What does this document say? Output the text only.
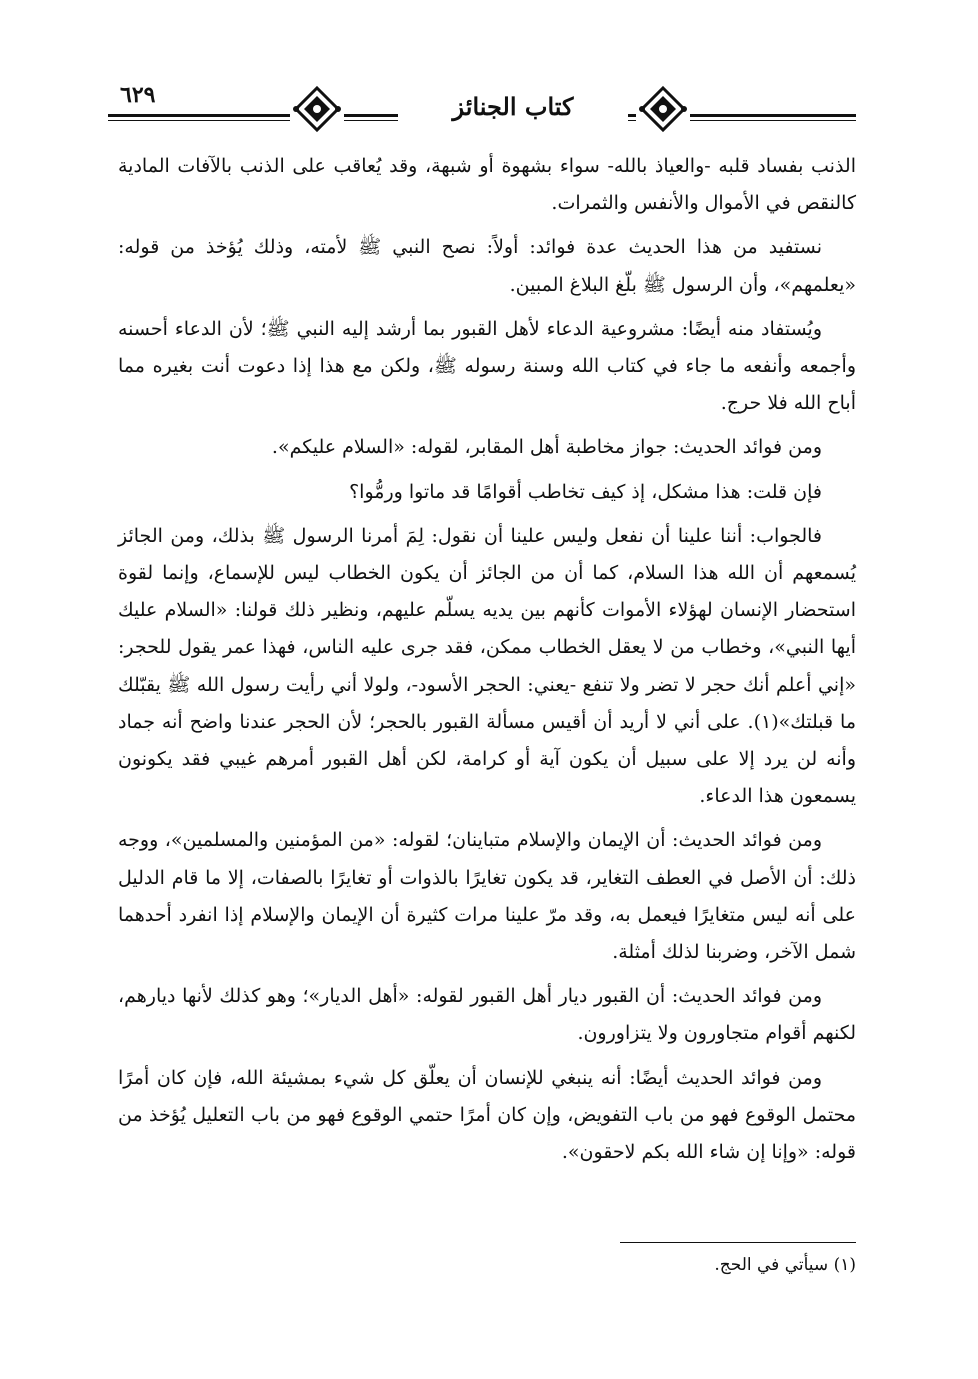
٦٢٩	كتاب الجنائز

الذنب بفساد قلبه -والعياذ بالله- سواء بشهوة أو شبهة، وقد يُعاقب على الذنب بالآفات المادية كالنقص في الأموال والأنفس والثمرات.

نستفيد من هذا الحديث عدة فوائد: أولاً: نصح النبي ﷺ لأمته، وذلك يُؤخذ من قوله: «يعلمهم»، وأن الرسول ﷺ بلّغ البلاغ المبين.

ويُستفاد منه أيضًا: مشروعية الدعاء لأهل القبور بما أرشد إليه النبي ﷺ؛ لأن الدعاء أحسنه وأجمعه وأنفعه ما جاء في كتاب الله وسنة رسوله ﷺ، ولكن مع هذا إذا دعوت أنت بغيره مما أباح الله فلا حرج.

ومن فوائد الحديث: جواز مخاطبة أهل المقابر، لقوله: «السلام عليكم».

فإن قلت: هذا مشكل، إذ كيف تخاطب أقوامًا قد ماتوا ورمُّوا؟

فالجواب: أننا علينا أن نفعل وليس علينا أن نقول: لِمَ أمرنا الرسول ﷺ بذلك، ومن الجائز يُسمعهم أن الله هذا السلام، كما أن من الجائز أن يكون الخطاب ليس للإسماع، وإنما لقوة استحضار الإنسان لهؤلاء الأموات كأنهم بين يديه يسلّم عليهم، ونظير ذلك قولنا: «السلام عليك أيها النبي»، وخطاب من لا يعقل الخطاب ممكن، فقد جرى عليه الناس، فهذا عمر يقول للحجر: «إني أعلم أنك حجر لا تضر ولا تنفع -يعني: الحجر الأسود-، ولولا أني رأيت رسول الله ﷺ يقبّلك ما قبلتك»(١). على أني لا أريد أن أقيس مسألة القبور بالحجر؛ لأن الحجر عندنا واضح أنه جماد وأنه لن يرد إلا على سبيل أن يكون آية أو كرامة، لكن أهل القبور أمرهم غيبي فقد يكونون يسمعون هذا الدعاء.

ومن فوائد الحديث: أن الإيمان والإسلام متباينان؛ لقوله: «من المؤمنين والمسلمين»، ووجه ذلك: أن الأصل في العطف التغاير، قد يكون تغايرًا بالذوات أو تغايرًا بالصفات، إلا ما قام الدليل على أنه ليس متغايرًا فيعمل به، وقد مرّ علينا مرات كثيرة أن الإيمان والإسلام إذا انفرد أحدهما شمل الآخر، وضربنا لذلك أمثلة.

ومن فوائد الحديث: أن القبور ديار أهل القبور لقوله: «أهل الديار»؛ وهو كذلك لأنها ديارهم، لكنهم أقوام متجاورون ولا يتزاورون.

ومن فوائد الحديث أيضًا: أنه ينبغي للإنسان أن يعلّق كل شيء بمشيئة الله، فإن كان أمرًا محتمل الوقوع فهو من باب التفويض، وإن كان أمرًا حتمي الوقوع فهو من باب التعليل يُؤخذ من قوله: «وإنا إن شاء الله بكم لاحقون».

(١) سيأتي في الحج.
